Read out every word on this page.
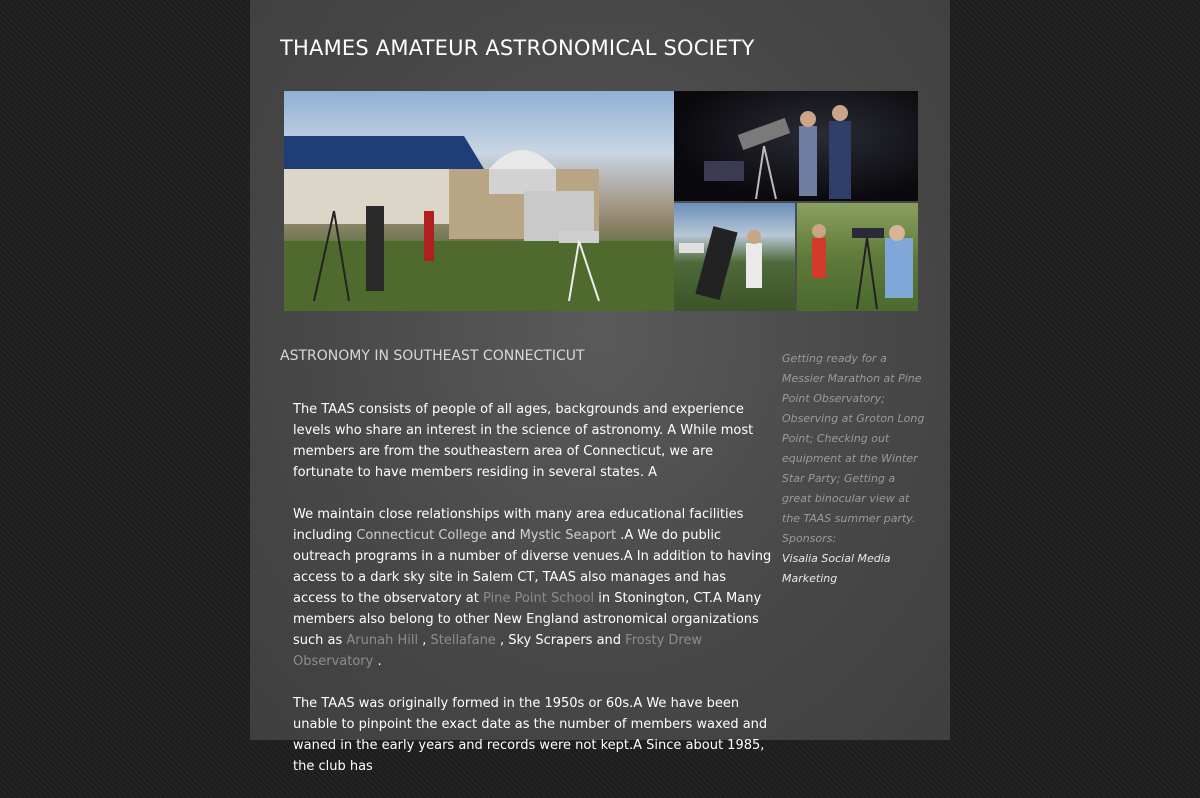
THAMES AMATEUR ASTRONOMICAL SOCIETY
ASTRONOMY IN SOUTHEAST CONNECTICUT

The TAAS consists of people of all ages, backgrounds and experience levels who share an interest in the science of astronomy. A While most members are from the southeastern area of Connecticut, we are fortunate to have members residing in several states. A

We maintain close relationships with many area educational facilities including Connecticut College and Mystic Seaport .A We do public outreach programs in a number of diverse venues.A In addition to having access to a dark sky site in Salem CT, TAAS also manages and has access to the observatory at Pine Point School in Stonington, CT.A Many members also belong to other New England astronomical organizations such as Arunah Hill , Stellafane , Sky Scrapers and Frosty Drew Observatory .

The TAAS was originally formed in the 1950s or 60s.A We have been unable to pinpoint the exact date as the number of members waxed and waned in the early years and records were not kept.A Since about 1985, the club has

Getting ready for a Messier Marathon at Pine Point Observatory; Observing at Groton Long Point; Checking out equipment at the Winter Star Party; Getting a great binocular view at the TAAS summer party.

Sponsors:

Visalia Social Media Marketing
